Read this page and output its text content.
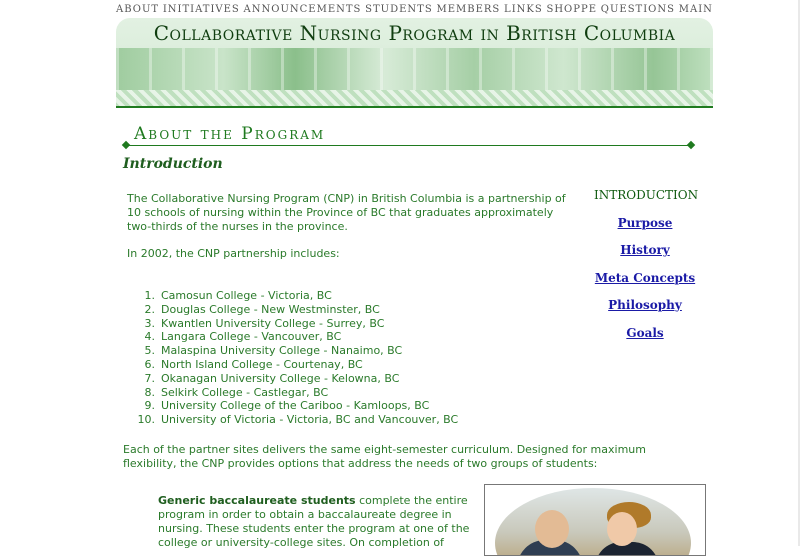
ABOUT INITIATIVES ANNOUNCEMENTS STUDENTS MEMBERS LINKS SHOPPE QUESTIONS MAIN
Collaborative Nursing Program in British Columbia
About the Program
Introduction

The Collaborative Nursing Program (CNP) in British Columbia is a partnership of 10 schools of nursing within the Province of BC that graduates approximately two-thirds of the nurses in the province.

In 2002, the CNP partnership includes:

1. Camosun College - Victoria, BC
2. Douglas College - New Westminster, BC
3. Kwantlen University College - Surrey, BC
4. Langara College - Vancouver, BC
5. Malaspina University College - Nanaimo, BC
6. North Island College - Courtenay, BC
7. Okanagan University College - Kelowna, BC
8. Selkirk College - Castlegar, BC
9. University College of the Cariboo - Kamloops, BC
10. University of Victoria - Victoria, BC and Vancouver, BC

Each of the partner sites delivers the same eight-semester curriculum. Designed for maximum flexibility, the CNP provides options that address the needs of two groups of students:

Generic baccalaureate students complete the entire program in order to obtain a baccalaureate degree in nursing. These students enter the program at one of the college or university-college sites. On completion of

INTRODUCTION
Purpose
History
Meta Concepts
Philosophy
Goals
